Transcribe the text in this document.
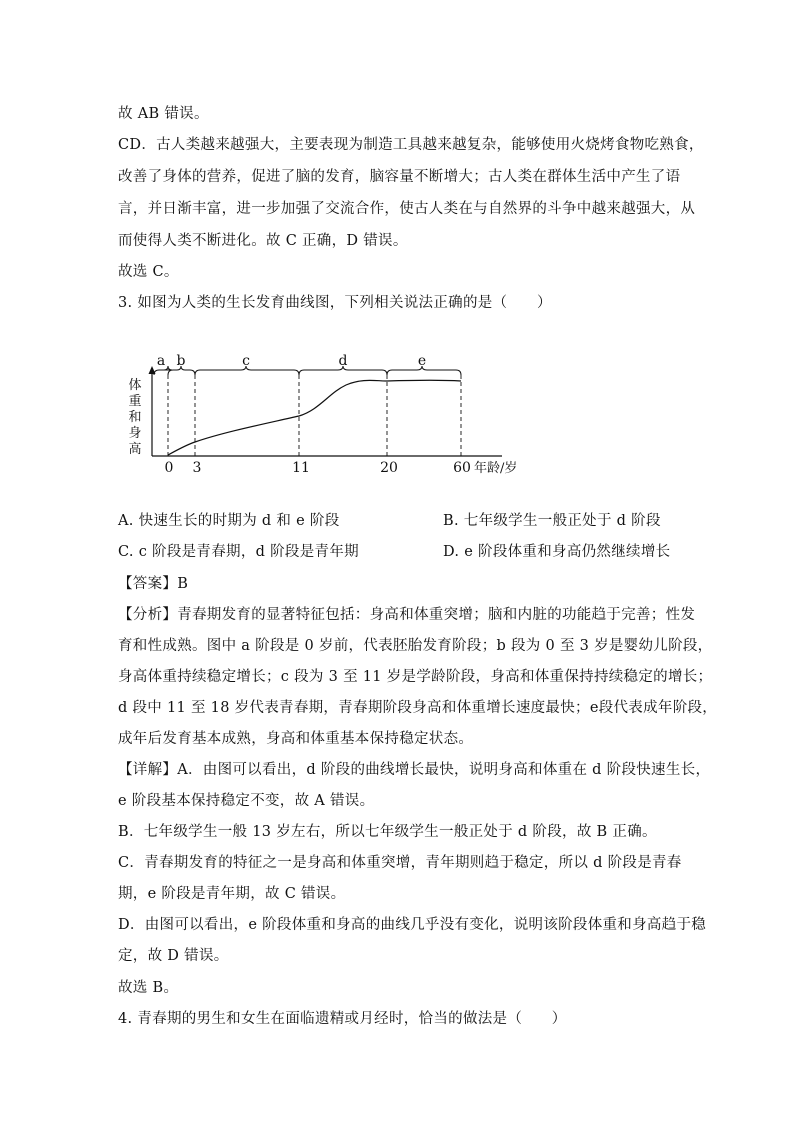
故 AB 错误。
CD．古人类越来越强大，主要表现为制造工具越来越复杂，能够使用火烧烤食物吃熟食，
改善了身体的营养，促进了脑的发育，脑容量不断增大；古人类在群体生活中产生了语
言，并日渐丰富，进一步加强了交流合作，使古人类在与自然界的斗争中越来越强大，从
而使得人类不断进化。故 C 正确，D 错误。
故选 C。
3. 如图为人类的生长发育曲线图，下列相关说法正确的是（　　）
a b	c	d	e
体
重
和
身
高
0 3	11	20	60 年龄/岁
A. 快速生长的时期为 d 和 e 阶段	B. 七年级学生一般正处于 d 阶段
C. c 阶段是青春期，d 阶段是青年期	D. e 阶段体重和身高仍然继续增长
【答案】B
【分析】青春期发育的显著特征包括：身高和体重突增；脑和内脏的功能趋于完善；性发
育和性成熟。图中 a 阶段是 0 岁前，代表胚胎发育阶段；b 段为 0 至 3 岁是婴幼儿阶段，
身高体重持续稳定增长；c 段为 3 至 11 岁是学龄阶段，身高和体重保持持续稳定的增长；
d 段中 11 至 18 岁代表青春期，青春期阶段身高和体重增长速度最快；e段代表成年阶段，
成年后发育基本成熟，身高和体重基本保持稳定状态。
【详解】A．由图可以看出，d 阶段的曲线增长最快，说明身高和体重在 d 阶段快速生长，
e 阶段基本保持稳定不变，故 A 错误。
B．七年级学生一般 13 岁左右，所以七年级学生一般正处于 d 阶段，故 B 正确。
C．青春期发育的特征之一是身高和体重突增，青年期则趋于稳定，所以 d 阶段是青春
期，e 阶段是青年期，故 C 错误。
D．由图可以看出，e 阶段体重和身高的曲线几乎没有变化，说明该阶段体重和身高趋于稳
定，故 D 错误。
故选 B。
4. 青春期的男生和女生在面临遗精或月经时，恰当的做法是（　　）
